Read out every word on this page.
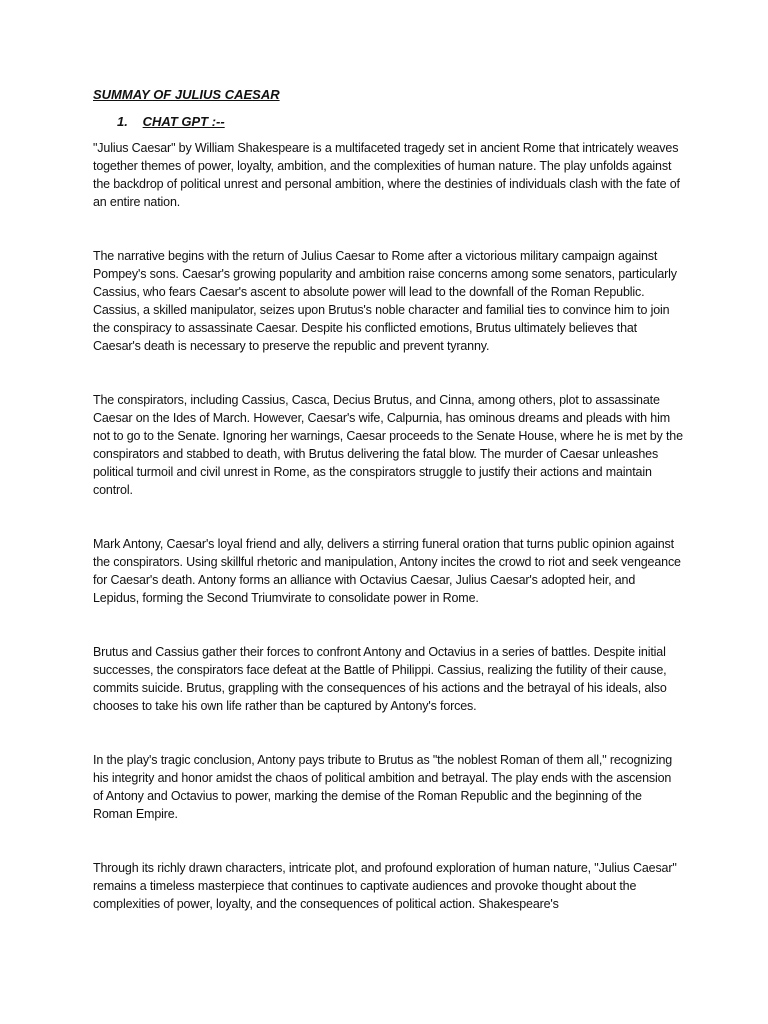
SUMMAY OF JULIUS CAESAR
1. CHAT GPT :--

"Julius Caesar" by William Shakespeare is a multifaceted tragedy set in ancient Rome that intricately weaves together themes of power, loyalty, ambition, and the complexities of human nature. The play unfolds against the backdrop of political unrest and personal ambition, where the destinies of individuals clash with the fate of an entire nation.

The narrative begins with the return of Julius Caesar to Rome after a victorious military campaign against Pompey's sons. Caesar's growing popularity and ambition raise concerns among some senators, particularly Cassius, who fears Caesar's ascent to absolute power will lead to the downfall of the Roman Republic. Cassius, a skilled manipulator, seizes upon Brutus's noble character and familial ties to convince him to join the conspiracy to assassinate Caesar. Despite his conflicted emotions, Brutus ultimately believes that Caesar's death is necessary to preserve the republic and prevent tyranny.

The conspirators, including Cassius, Casca, Decius Brutus, and Cinna, among others, plot to assassinate Caesar on the Ides of March. However, Caesar's wife, Calpurnia, has ominous dreams and pleads with him not to go to the Senate. Ignoring her warnings, Caesar proceeds to the Senate House, where he is met by the conspirators and stabbed to death, with Brutus delivering the fatal blow. The murder of Caesar unleashes political turmoil and civil unrest in Rome, as the conspirators struggle to justify their actions and maintain control.

Mark Antony, Caesar's loyal friend and ally, delivers a stirring funeral oration that turns public opinion against the conspirators. Using skillful rhetoric and manipulation, Antony incites the crowd to riot and seek vengeance for Caesar's death. Antony forms an alliance with Octavius Caesar, Julius Caesar's adopted heir, and Lepidus, forming the Second Triumvirate to consolidate power in Rome.

Brutus and Cassius gather their forces to confront Antony and Octavius in a series of battles. Despite initial successes, the conspirators face defeat at the Battle of Philippi. Cassius, realizing the futility of their cause, commits suicide. Brutus, grappling with the consequences of his actions and the betrayal of his ideals, also chooses to take his own life rather than be captured by Antony's forces.

In the play's tragic conclusion, Antony pays tribute to Brutus as "the noblest Roman of them all," recognizing his integrity and honor amidst the chaos of political ambition and betrayal. The play ends with the ascension of Antony and Octavius to power, marking the demise of the Roman Republic and the beginning of the Roman Empire.

Through its richly drawn characters, intricate plot, and profound exploration of human nature, "Julius Caesar" remains a timeless masterpiece that continues to captivate audiences and provoke thought about the complexities of power, loyalty, and the consequences of political action. Shakespeare's
